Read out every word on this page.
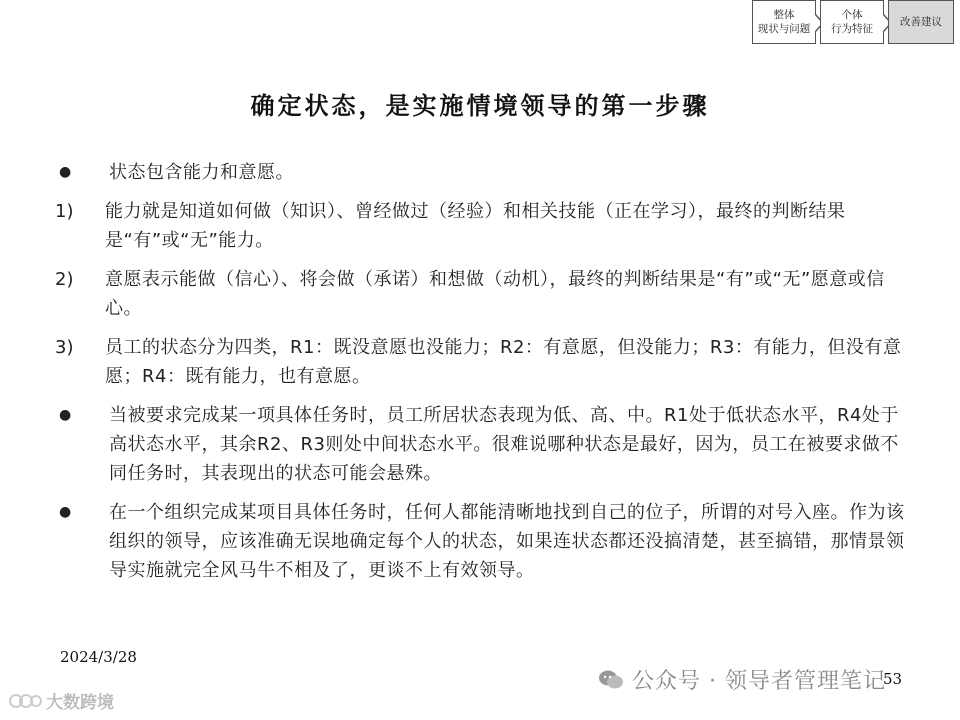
整体
现状与问题
个体
行为特征
改善建议
确定状态，是实施情境领导的第一步骤
●	状态包含能力和意愿。
1)	能力就是知道如何做（知识）、曾经做过（经验）和相关技能（正在学习），最终的判断结果是“有”或“无”能力。
2)	意愿表示能做（信心）、将会做（承诺）和想做（动机），最终的判断结果是“有”或“无”愿意或信心。
3)	员工的状态分为四类，R1：既没意愿也没能力；R2：有意愿，但没能力；R3：有能力，但没有意愿；R4：既有能力，也有意愿。
●	当被要求完成某一项具体任务时，员工所居状态表现为低、高、中。R1处于低状态水平，R4处于高状态水平，其余R2、R3则处中间状态水平。很难说哪种状态是最好，因为，员工在被要求做不同任务时，其表现出的状态可能会悬殊。
●	在一个组织完成某项目具体任务时，任何人都能清晰地找到自己的位子，所谓的对号入座。作为该组织的领导，应该准确无误地确定每个人的状态，如果连状态都还没搞清楚，甚至搞错，那情景领导实施就完全风马牛不相及了，更谈不上有效领导。
2024/3/28
公众号 · 领导者管理笔记
53
大数跨境
